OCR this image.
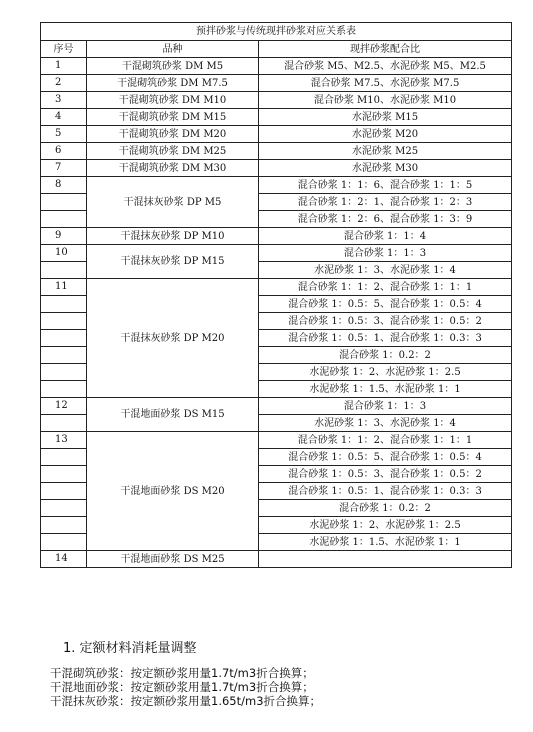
预拌砂浆与传统现拌砂浆对应关系表		
序号	品种	现拌砂浆配合比
1	干混砌筑砂浆 DM M5	混合砂浆 M5、M2.5、水泥砂浆 M5、M2.5
2	干混砌筑砂浆 DM M7.5	混合砂浆 M7.5、水泥砂浆 M7.5
3	干混砌筑砂浆 DM M10	混合砂浆 M10、水泥砂浆 M10
4	干混砌筑砂浆 DM M15	水泥砂浆 M15
5	干混砌筑砂浆 DM M20	水泥砂浆 M20
6	干混砌筑砂浆 DM M25	水泥砂浆 M25
7	干混砌筑砂浆 DM M30	水泥砂浆 M30
8	干混抹灰砂浆 DP M5	混合砂浆 1：1：6、混合砂浆 1：1：5
		混合砂浆 1：2：1、混合砂浆 1：2：3
		混合砂浆 1：2：6、混合砂浆 1：3：9
9	干混抹灰砂浆 DP M10	混合砂浆 1：1：4
10	干混抹灰砂浆 DP M15	混合砂浆 1：1：3
		水泥砂浆 1：3、水泥砂浆 1：4
11	干混抹灰砂浆 DP M20	混合砂浆 1：1：2、混合砂浆 1：1：1
		混合砂浆 1：0.5：5、混合砂浆 1：0.5：4
		混合砂浆 1：0.5：3、混合砂浆 1：0.5：2
		混合砂浆 1：0.5：1、混合砂浆 1：0.3：3
		混合砂浆 1：0.2：2
		水泥砂浆 1：2、水泥砂浆 1：2.5
		水泥砂浆 1：1.5、水泥砂浆 1：1
12	干混地面砂浆 DS M15	混合砂浆 1：1：3
		水泥砂浆 1：3、水泥砂浆 1：4
13	干混地面砂浆 DS M20	混合砂浆 1：1：2、混合砂浆 1：1：1
		混合砂浆 1：0.5：5、混合砂浆 1：0.5：4
		混合砂浆 1：0.5：3、混合砂浆 1：0.5：2
		混合砂浆 1：0.5：1、混合砂浆 1：0.3：3
		混合砂浆 1：0.2：2
		水泥砂浆 1：2、水泥砂浆 1：2.5
		水泥砂浆 1：1.5、水泥砂浆 1：1
14	干混地面砂浆 DS M25	
1. 定额材料消耗量调整
干混砌筑砂浆：按定额砂浆用量1.7t/m3折合换算；
干混地面砂浆：按定额砂浆用量1.7t/m3折合换算；
干混抹灰砂浆：按定额砂浆用量1.65t/m3折合换算；
